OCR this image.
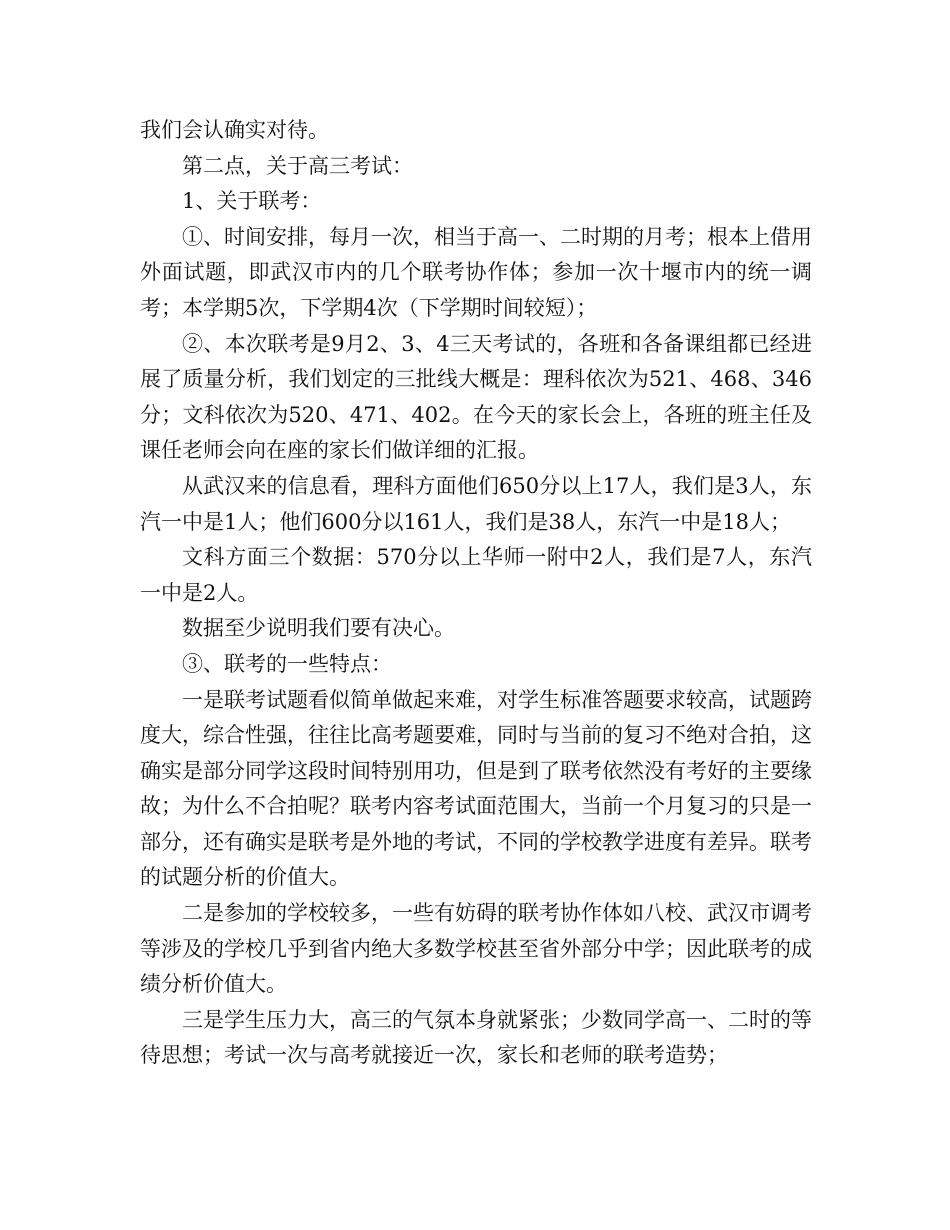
我们会认确实对待。

第二点，关于高三考试：

1、关于联考：

①、时间安排，每月一次，相当于高一、二时期的月考；根本上借用外面试题，即武汉市内的几个联考协作体；参加一次十堰市内的统一调考；本学期5次，下学期4次（下学期时间较短）；

②、本次联考是9月2、3、4三天考试的，各班和各备课组都已经进展了质量分析，我们划定的三批线大概是：理科依次为521、468、346分；文科依次为520、471、402。在今天的家长会上，各班的班主任及课任老师会向在座的家长们做详细的汇报。

从武汉来的信息看，理科方面他们650分以上17人，我们是3人，东汽一中是1人；他们600分以161人，我们是38人，东汽一中是18人；

文科方面三个数据：570分以上华师一附中2人，我们是7人，东汽一中是2人。

数据至少说明我们要有决心。

③、联考的一些特点：

一是联考试题看似简单做起来难，对学生标准答题要求较高，试题跨度大，综合性强，往往比高考题要难，同时与当前的复习不绝对合拍，这确实是部分同学这段时间特别用功，但是到了联考依然没有考好的主要缘故；为什么不合拍呢？联考内容考试面范围大，当前一个月复习的只是一部分，还有确实是联考是外地的考试，不同的学校教学进度有差异。联考的试题分析的价值大。

二是参加的学校较多，一些有妨碍的联考协作体如八校、武汉市调考等涉及的学校几乎到省内绝大多数学校甚至省外部分中学；因此联考的成绩分析价值大。

三是学生压力大，高三的气氛本身就紧张；少数同学高一、二时的等待思想；考试一次与高考就接近一次，家长和老师的联考造势；
